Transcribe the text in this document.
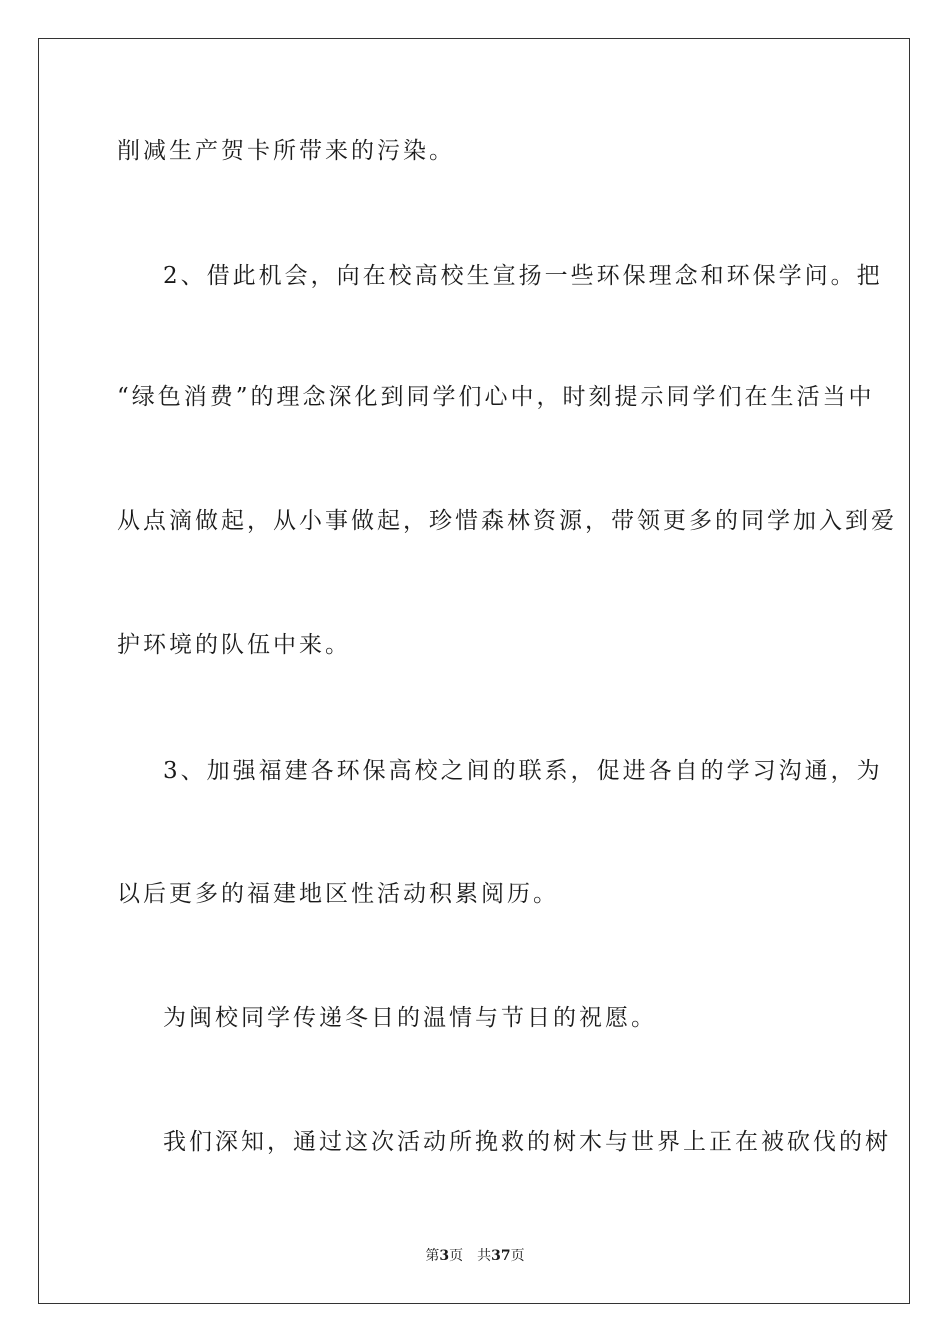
削减生产贺卡所带来的污染。
2、借此机会，向在校高校生宣扬一些环保理念和环保学问。把
“绿色消费”的理念深化到同学们心中，时刻提示同学们在生活当中
从点滴做起，从小事做起，珍惜森林资源，带领更多的同学加入到爱
护环境的队伍中来。
3、加强福建各环保高校之间的联系，促进各自的学习沟通，为
以后更多的福建地区性活动积累阅历。
为闽校同学传递冬日的温情与节日的祝愿。
我们深知，通过这次活动所挽救的树木与世界上正在被砍伐的树
第3页 共37页
